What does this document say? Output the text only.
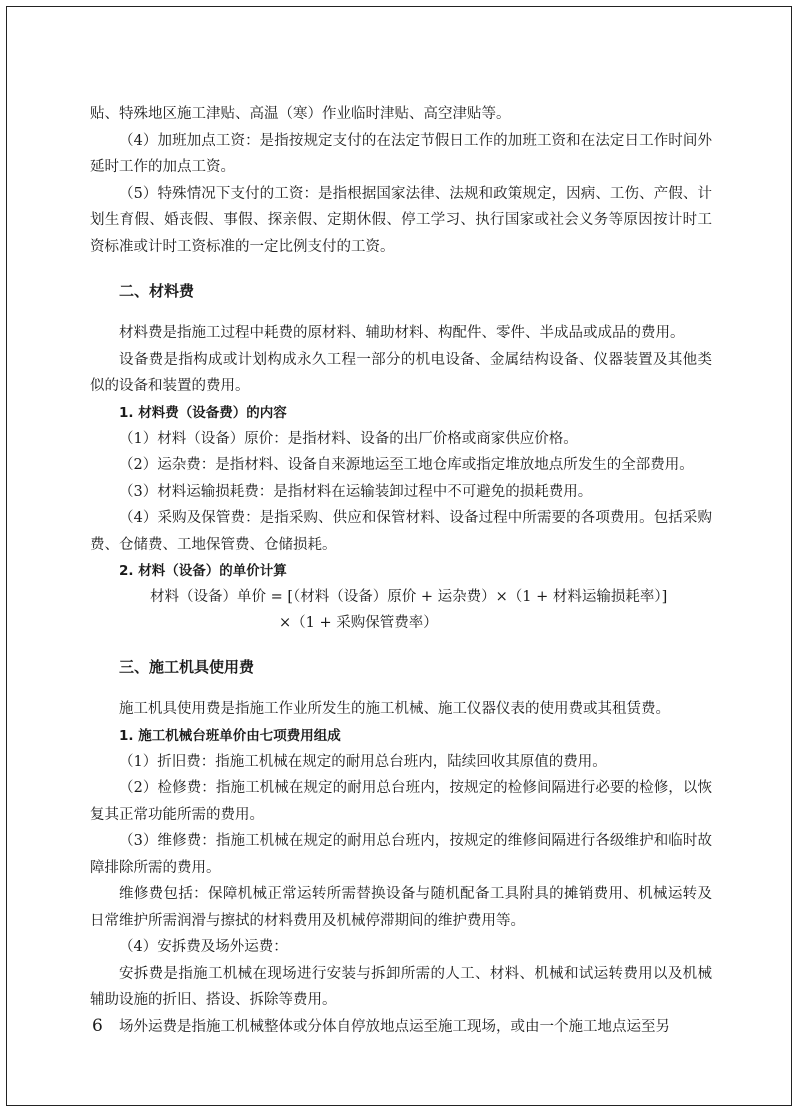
贴、特殊地区施工津贴、高温（寒）作业临时津贴、高空津贴等。

（4）加班加点工资：是指按规定支付的在法定节假日工作的加班工资和在法定日工作时间外延时工作的加点工资。

（5）特殊情况下支付的工资：是指根据国家法律、法规和政策规定，因病、工伤、产假、计划生育假、婚丧假、事假、探亲假、定期休假、停工学习、执行国家或社会义务等原因按计时工资标准或计时工资标准的一定比例支付的工资。

二、材料费

材料费是指施工过程中耗费的原材料、辅助材料、构配件、零件、半成品或成品的费用。

设备费是指构成或计划构成永久工程一部分的机电设备、金属结构设备、仪器装置及其他类似的设备和装置的费用。

1. 材料费（设备费）的内容

（1）材料（设备）原价：是指材料、设备的出厂价格或商家供应价格。

（2）运杂费：是指材料、设备自来源地运至工地仓库或指定堆放地点所发生的全部费用。

（3）材料运输损耗费：是指材料在运输装卸过程中不可避免的损耗费用。

（4）采购及保管费：是指采购、供应和保管材料、设备过程中所需要的各项费用。包括采购费、仓储费、工地保管费、仓储损耗。

2. 材料（设备）的单价计算

材料（设备）单价 = [（材料（设备）原价 + 运杂费）×（1 + 材料运输损耗率）]

×（1 + 采购保管费率）

三、施工机具使用费

施工机具使用费是指施工作业所发生的施工机械、施工仪器仪表的使用费或其租赁费。

1. 施工机械台班单价由七项费用组成

（1）折旧费：指施工机械在规定的耐用总台班内，陆续回收其原值的费用。

（2）检修费：指施工机械在规定的耐用总台班内，按规定的检修间隔进行必要的检修，以恢复其正常功能所需的费用。

（3）维修费：指施工机械在规定的耐用总台班内，按规定的维修间隔进行各级维护和临时故障排除所需的费用。

维修费包括：保障机械正常运转所需替换设备与随机配备工具附具的摊销费用、机械运转及日常维护所需润滑与擦拭的材料费用及机械停滞期间的维护费用等。

（4）安拆费及场外运费：

安拆费是指施工机械在现场进行安装与拆卸所需的人工、材料、机械和试运转费用以及机械辅助设施的折旧、搭设、拆除等费用。

场外运费是指施工机械整体或分体自停放地点运至施工现场，或由一个施工地点运至另

6
